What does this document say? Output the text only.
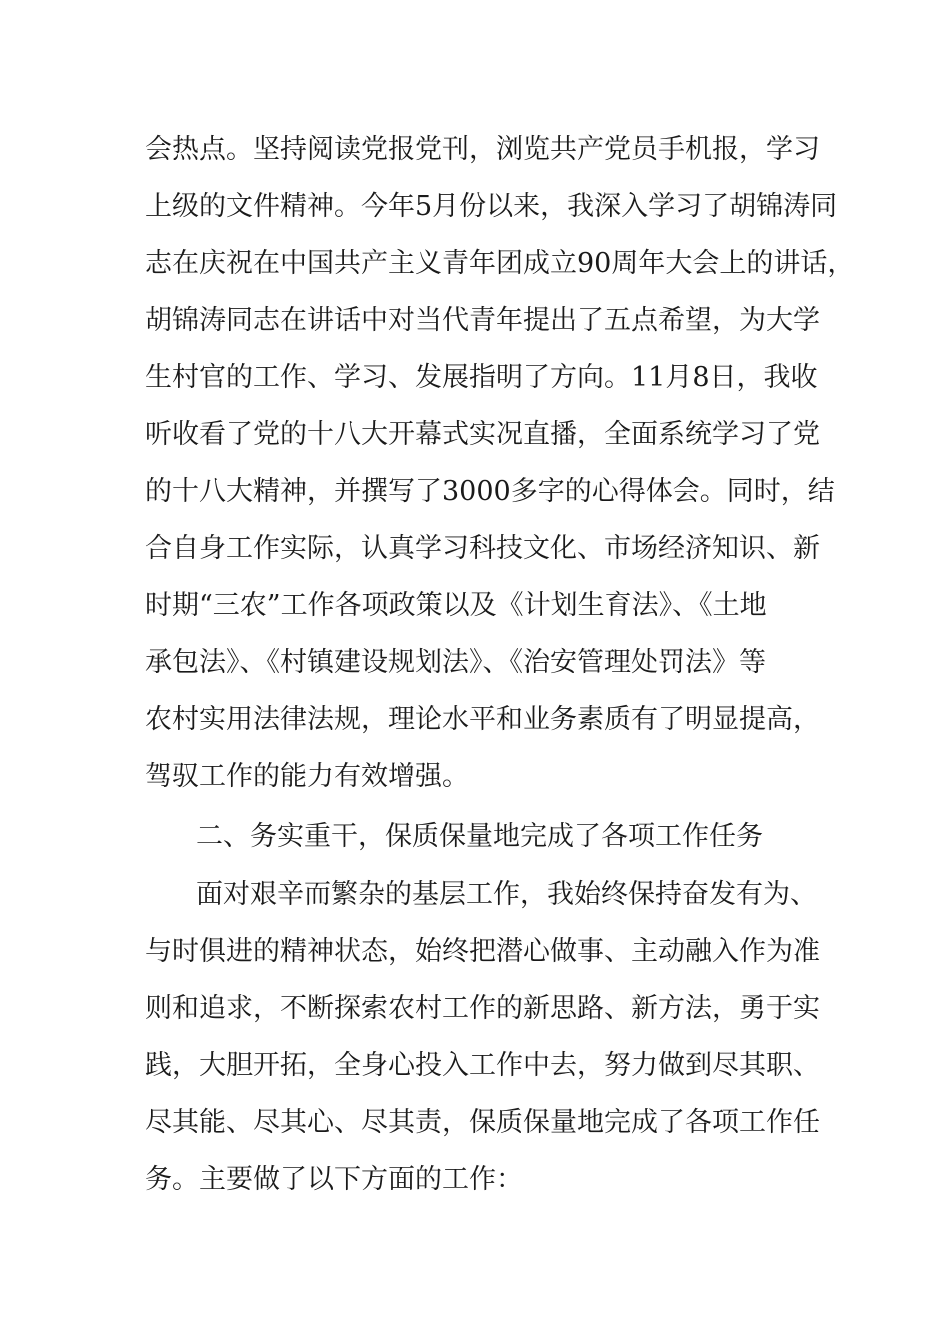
会热点。坚持阅读党报党刊，浏览共产党员手机报，学习
上级的文件精神。今年5月份以来，我深入学习了胡锦涛同
志在庆祝在中国共产主义青年团成立90周年大会上的讲话，
胡锦涛同志在讲话中对当代青年提出了五点希望，为大学
生村官的工作、学习、发展指明了方向。11月8日，我收
听收看了党的十八大开幕式实况直播，全面系统学习了党
的十八大精神，并撰写了3000多字的心得体会。同时，结
合自身工作实际，认真学习科技文化、市场经济知识、新
时期“三农”工作各项政策以及《计划生育法》、《土地
承包法》、《村镇建设规划法》、《治安管理处罚法》等
农村实用法律法规，理论水平和业务素质有了明显提高，
驾驭工作的能力有效增强。
二、务实重干，保质保量地完成了各项工作任务
面对艰辛而繁杂的基层工作，我始终保持奋发有为、
与时俱进的精神状态，始终把潜心做事、主动融入作为准
则和追求，不断探索农村工作的新思路、新方法，勇于实
践，大胆开拓，全身心投入工作中去，努力做到尽其职、
尽其能、尽其心、尽其责，保质保量地完成了各项工作任
务。主要做了以下方面的工作：
